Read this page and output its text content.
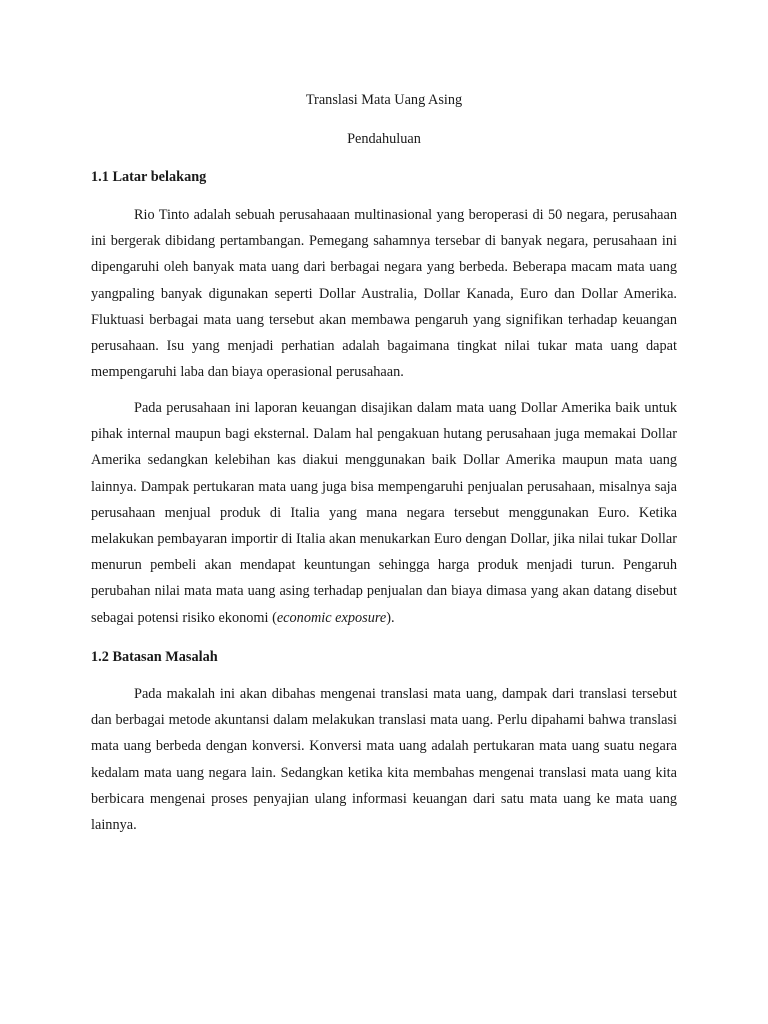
Translasi Mata Uang Asing
Pendahuluan
1.1 Latar belakang

Rio Tinto adalah sebuah perusahaaan multinasional yang beroperasi di 50 negara, perusahaan ini bergerak dibidang pertambangan. Pemegang sahamnya tersebar di banyak negara, perusahaan ini dipengaruhi oleh banyak mata uang dari berbagai negara yang berbeda. Beberapa macam mata uang yangpaling banyak digunakan seperti Dollar Australia, Dollar Kanada, Euro dan Dollar Amerika. Fluktuasi berbagai mata uang tersebut akan membawa pengaruh yang signifikan terhadap keuangan perusahaan. Isu yang menjadi perhatian adalah bagaimana tingkat nilai tukar mata uang dapat mempengaruhi laba dan biaya operasional perusahaan.

Pada perusahaan ini laporan keuangan disajikan dalam mata uang Dollar Amerika baik untuk pihak internal maupun bagi eksternal. Dalam hal pengakuan hutang perusahaan juga memakai Dollar Amerika sedangkan kelebihan kas diakui menggunakan baik Dollar Amerika maupun mata uang lainnya. Dampak pertukaran mata uang juga bisa mempengaruhi penjualan perusahaan, misalnya saja perusahaan menjual produk di Italia yang mana negara tersebut menggunakan Euro. Ketika melakukan pembayaran importir di Italia akan menukarkan Euro dengan Dollar, jika nilai tukar Dollar menurun pembeli akan mendapat keuntungan sehingga harga produk menjadi turun. Pengaruh perubahan nilai mata mata uang asing terhadap penjualan dan biaya dimasa yang akan datang disebut sebagai potensi risiko ekonomi (economic exposure).

1.2 Batasan Masalah

Pada makalah ini akan dibahas mengenai translasi mata uang, dampak dari translasi tersebut dan berbagai metode akuntansi dalam melakukan translasi mata uang. Perlu dipahami bahwa translasi mata uang berbeda dengan konversi. Konversi mata uang adalah pertukaran mata uang suatu negara kedalam mata uang negara lain. Sedangkan ketika kita membahas mengenai translasi mata uang kita berbicara mengenai proses penyajian ulang informasi keuangan dari satu mata uang ke mata uang lainnya.
